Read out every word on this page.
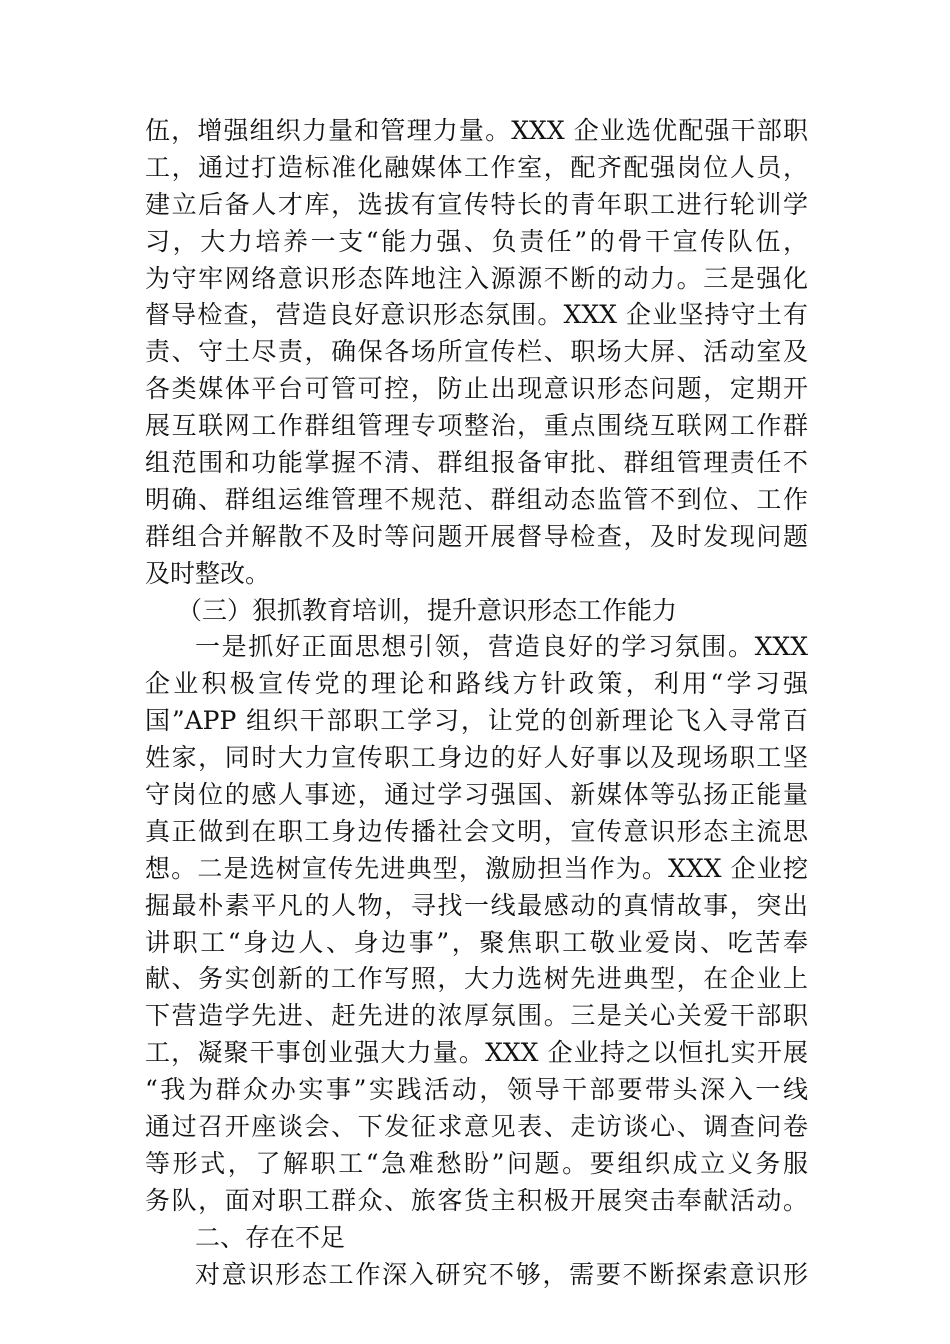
伍，增强组织力量和管理力量。XXX 企业选优配强干部职
工，通过打造标准化融媒体工作室，配齐配强岗位人员，
建立后备人才库，选拔有宣传特长的青年职工进行轮训学
习，大力培养一支“能力强、负责任”的骨干宣传队伍，
为守牢网络意识形态阵地注入源源不断的动力。三是强化
督导检查，营造良好意识形态氛围。XXX 企业坚持守土有
责、守土尽责，确保各场所宣传栏、职场大屏、活动室及
各类媒体平台可管可控，防止出现意识形态问题，定期开
展互联网工作群组管理专项整治，重点围绕互联网工作群
组范围和功能掌握不清、群组报备审批、群组管理责任不
明确、群组运维管理不规范、群组动态监管不到位、工作
群组合并解散不及时等问题开展督导检查，及时发现问题
及时整改。
（三）狠抓教育培训，提升意识形态工作能力
一是抓好正面思想引领，营造良好的学习氛围。XXX
企业积极宣传党的理论和路线方针政策，利用“学习强
国”APP 组织干部职工学习，让党的创新理论飞入寻常百
姓家，同时大力宣传职工身边的好人好事以及现场职工坚
守岗位的感人事迹，通过学习强国、新媒体等弘扬正能量
真正做到在职工身边传播社会文明，宣传意识形态主流思
想。二是选树宣传先进典型，激励担当作为。XXX 企业挖
掘最朴素平凡的人物，寻找一线最感动的真情故事，突出
讲职工“身边人、身边事”，聚焦职工敬业爱岗、吃苦奉
献、务实创新的工作写照，大力选树先进典型，在企业上
下营造学先进、赶先进的浓厚氛围。三是关心关爱干部职
工，凝聚干事创业强大力量。XXX 企业持之以恒扎实开展
“我为群众办实事”实践活动，领导干部要带头深入一线
通过召开座谈会、下发征求意见表、走访谈心、调查问卷
等形式，了解职工“急难愁盼”问题。要组织成立义务服
务队，面对职工群众、旅客货主积极开展突击奉献活动。
二、存在不足
对意识形态工作深入研究不够，需要不断探索意识形
